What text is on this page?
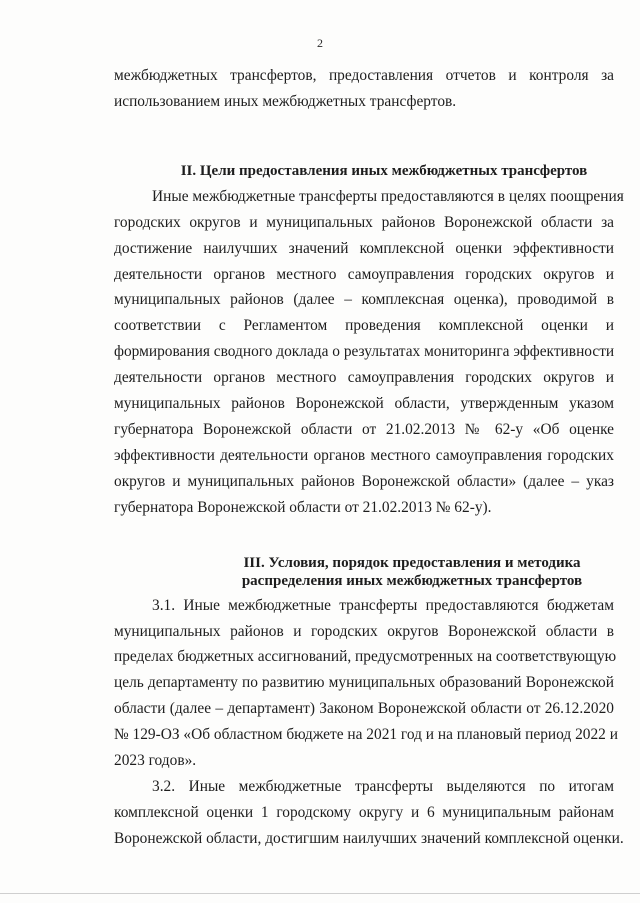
2
межбюджетных трансфертов, предоставления отчетов и контроля за
использованием иных межбюджетных трансфертов.
II. Цели предоставления иных межбюджетных трансфертов
Иные межбюджетные трансферты предоставляются в целях поощрения
городских округов и муниципальных районов Воронежской области за
достижение наилучших значений комплексной оценки эффективности
деятельности органов местного самоуправления городских округов и
муниципальных районов (далее – комплексная оценка), проводимой в
соответствии с Регламентом проведения комплексной оценки и
формирования сводного доклада о результатах мониторинга эффективности
деятельности органов местного самоуправления городских округов и
муниципальных районов Воронежской области, утвержденным указом
губернатора Воронежской области от 21.02.2013 № 62-у «Об оценке
эффективности деятельности органов местного самоуправления городских
округов и муниципальных районов Воронежской области» (далее – указ
губернатора Воронежской области от 21.02.2013 № 62-у).
III. Условия, порядок предоставления и методика
распределения иных межбюджетных трансфертов
3.1. Иные межбюджетные трансферты предоставляются бюджетам
муниципальных районов и городских округов Воронежской области в
пределах бюджетных ассигнований, предусмотренных на соответствующую
цель департаменту по развитию муниципальных образований Воронежской
области (далее – департамент) Законом Воронежской области от 26.12.2020
№ 129-ОЗ «Об областном бюджете на 2021 год и на плановый период 2022 и
2023 годов».
3.2. Иные межбюджетные трансферты выделяются по итогам
комплексной оценки 1 городскому округу и 6 муниципальным районам
Воронежской области, достигшим наилучших значений комплексной оценки.
